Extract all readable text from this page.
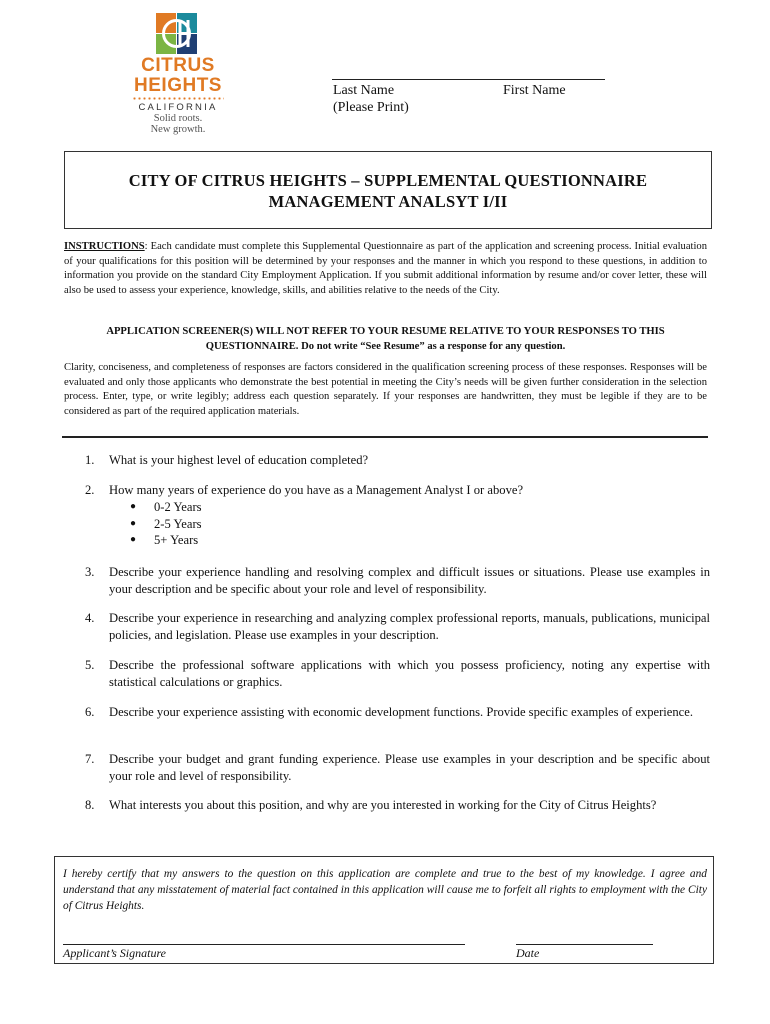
CITRUS
HEIGHTS
CALIFORNIA
Solid roots.
New growth.
Last Name	First Name
(Please Print)
CITY OF CITRUS HEIGHTS – SUPPLEMENTAL QUESTIONNAIRE
MANAGEMENT ANALSYT I/II
INSTRUCTIONS: Each candidate must complete this Supplemental Questionnaire as part of the application and screening process. Initial evaluation of your qualifications for this position will be determined by your responses and the manner in which you respond to these questions, in addition to information you provide on the standard City Employment Application. If you submit additional information by resume and/or cover letter, these will also be used to assess your experience, knowledge, skills, and abilities relative to the needs of the City.
APPLICATION SCREENER(S) WILL NOT REFER TO YOUR RESUME RELATIVE TO YOUR RESPONSES TO THIS
QUESTIONNAIRE. Do not write “See Resume” as a response for any question.
Clarity, conciseness, and completeness of responses are factors considered in the qualification screening process of these responses. Responses will be evaluated and only those applicants who demonstrate the best potential in meeting the City’s needs will be given further consideration in the selection process. Enter, type, or write legibly; address each question separately. If your responses are handwritten, they must be legible if they are to be considered as part of the required application materials.
1.	What is your highest level of education completed?
2.	How many years of experience do you have as a Management Analyst I or above?
●	0-2 Years
●	2-5 Years
●	5+ Years
3.	Describe your experience handling and resolving complex and difficult issues or situations. Please use examples in your description and be specific about your role and level of responsibility.
4.	Describe your experience in researching and analyzing complex professional reports, manuals, publications, municipal policies, and legislation. Please use examples in your description.
5.	Describe the professional software applications with which you possess proficiency, noting any expertise with statistical calculations or graphics.
6.	Describe your experience assisting with economic development functions. Provide specific examples of experience.
7.	Describe your budget and grant funding experience. Please use examples in your description and be specific about your role and level of responsibility.
8.	What interests you about this position, and why are you interested in working for the City of Citrus Heights?
I hereby certify that my answers to the question on this application are complete and true to the best of my knowledge. I agree and understand that any misstatement of material fact contained in this application will cause me to forfeit all rights to employment with the City of Citrus Heights.
Applicant’s Signature	Date
